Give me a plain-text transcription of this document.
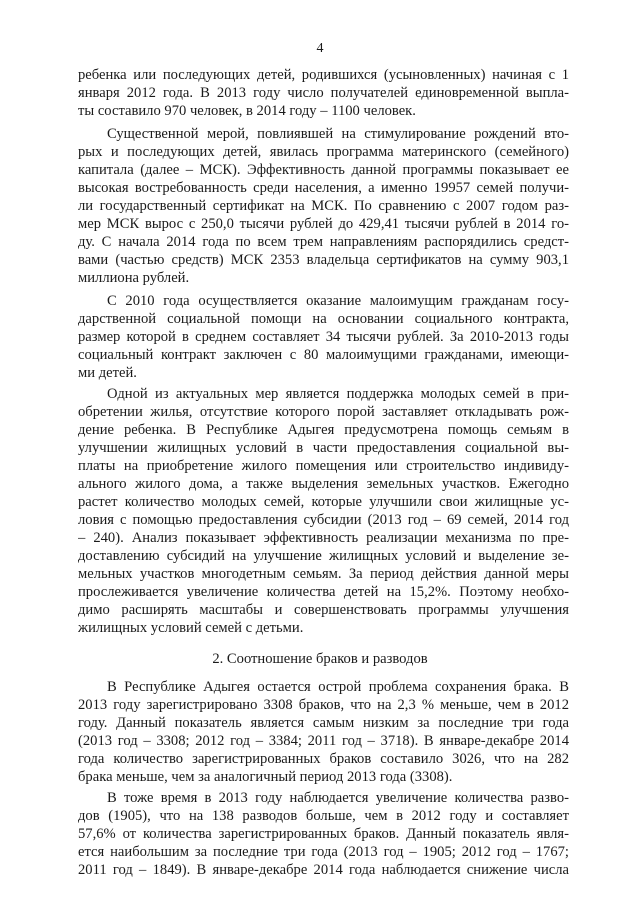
4
ребенка или последующих детей, родившихся (усыновленных) начиная с 1
января 2012 года. В 2013 году число получателей единовременной выпла-
ты составило 970 человек, в 2014 году – 1100 человек.
Существенной мерой, повлиявшей на стимулирование рождений вто-
рых и последующих детей, явилась программа материнского (семейного)
капитала (далее – МСК). Эффективность данной программы показывает ее
высокая востребованность среди населения, а именно 19957 семей получи-
ли государственный сертификат на МСК. По сравнению с 2007 годом раз-
мер МСК вырос с 250,0 тысячи рублей до 429,41 тысячи рублей в 2014 го-
ду. С начала 2014 года по всем трем направлениям распорядились средст-
вами (частью средств) МСК 2353 владельца сертификатов на сумму 903,1
миллиона рублей.
С 2010 года осуществляется оказание малоимущим гражданам госу-
дарственной социальной помощи на основании социального контракта,
размер которой в среднем составляет 34 тысячи рублей. За 2010-2013 годы
социальный контракт заключен с 80 малоимущими гражданами, имеющи-
ми детей.
Одной из актуальных мер является поддержка молодых семей в при-
обретении жилья, отсутствие которого порой заставляет откладывать рож-
дение ребенка. В Республике Адыгея предусмотрена помощь семьям в
улучшении жилищных условий в части предоставления социальной вы-
платы на приобретение жилого помещения или строительство индивиду-
ального жилого дома, а также выделения земельных участков. Ежегодно
растет количество молодых семей, которые улучшили свои жилищные ус-
ловия с помощью предоставления субсидии (2013 год – 69 семей, 2014 год
– 240). Анализ показывает эффективность реализации механизма по пре-
доставлению субсидий на улучшение жилищных условий и выделение зе-
мельных участков многодетным семьям. За период действия данной меры
прослеживается увеличение количества детей на 15,2%. Поэтому необхо-
димо расширять масштабы и совершенствовать программы улучшения
жилищных условий семей с детьми.
2. Соотношение браков и разводов
В Республике Адыгея остается острой проблема сохранения брака. В
2013 году зарегистрировано 3308 браков, что на 2,3 % меньше, чем в 2012
году. Данный показатель является самым низким за последние три года
(2013 год – 3308; 2012 год – 3384; 2011 год – 3718). В январе-декабре 2014
года количество зарегистрированных браков составило 3026, что на 282
брака меньше, чем за аналогичный период 2013 года (3308).
В тоже время в 2013 году наблюдается увеличение количества разво-
дов (1905), что на 138 разводов больше, чем в 2012 году и составляет
57,6% от количества зарегистрированных браков. Данный показатель явля-
ется наибольшим за последние три года (2013 год – 1905; 2012 год – 1767;
2011 год – 1849). В январе-декабре 2014 года наблюдается снижение числа
